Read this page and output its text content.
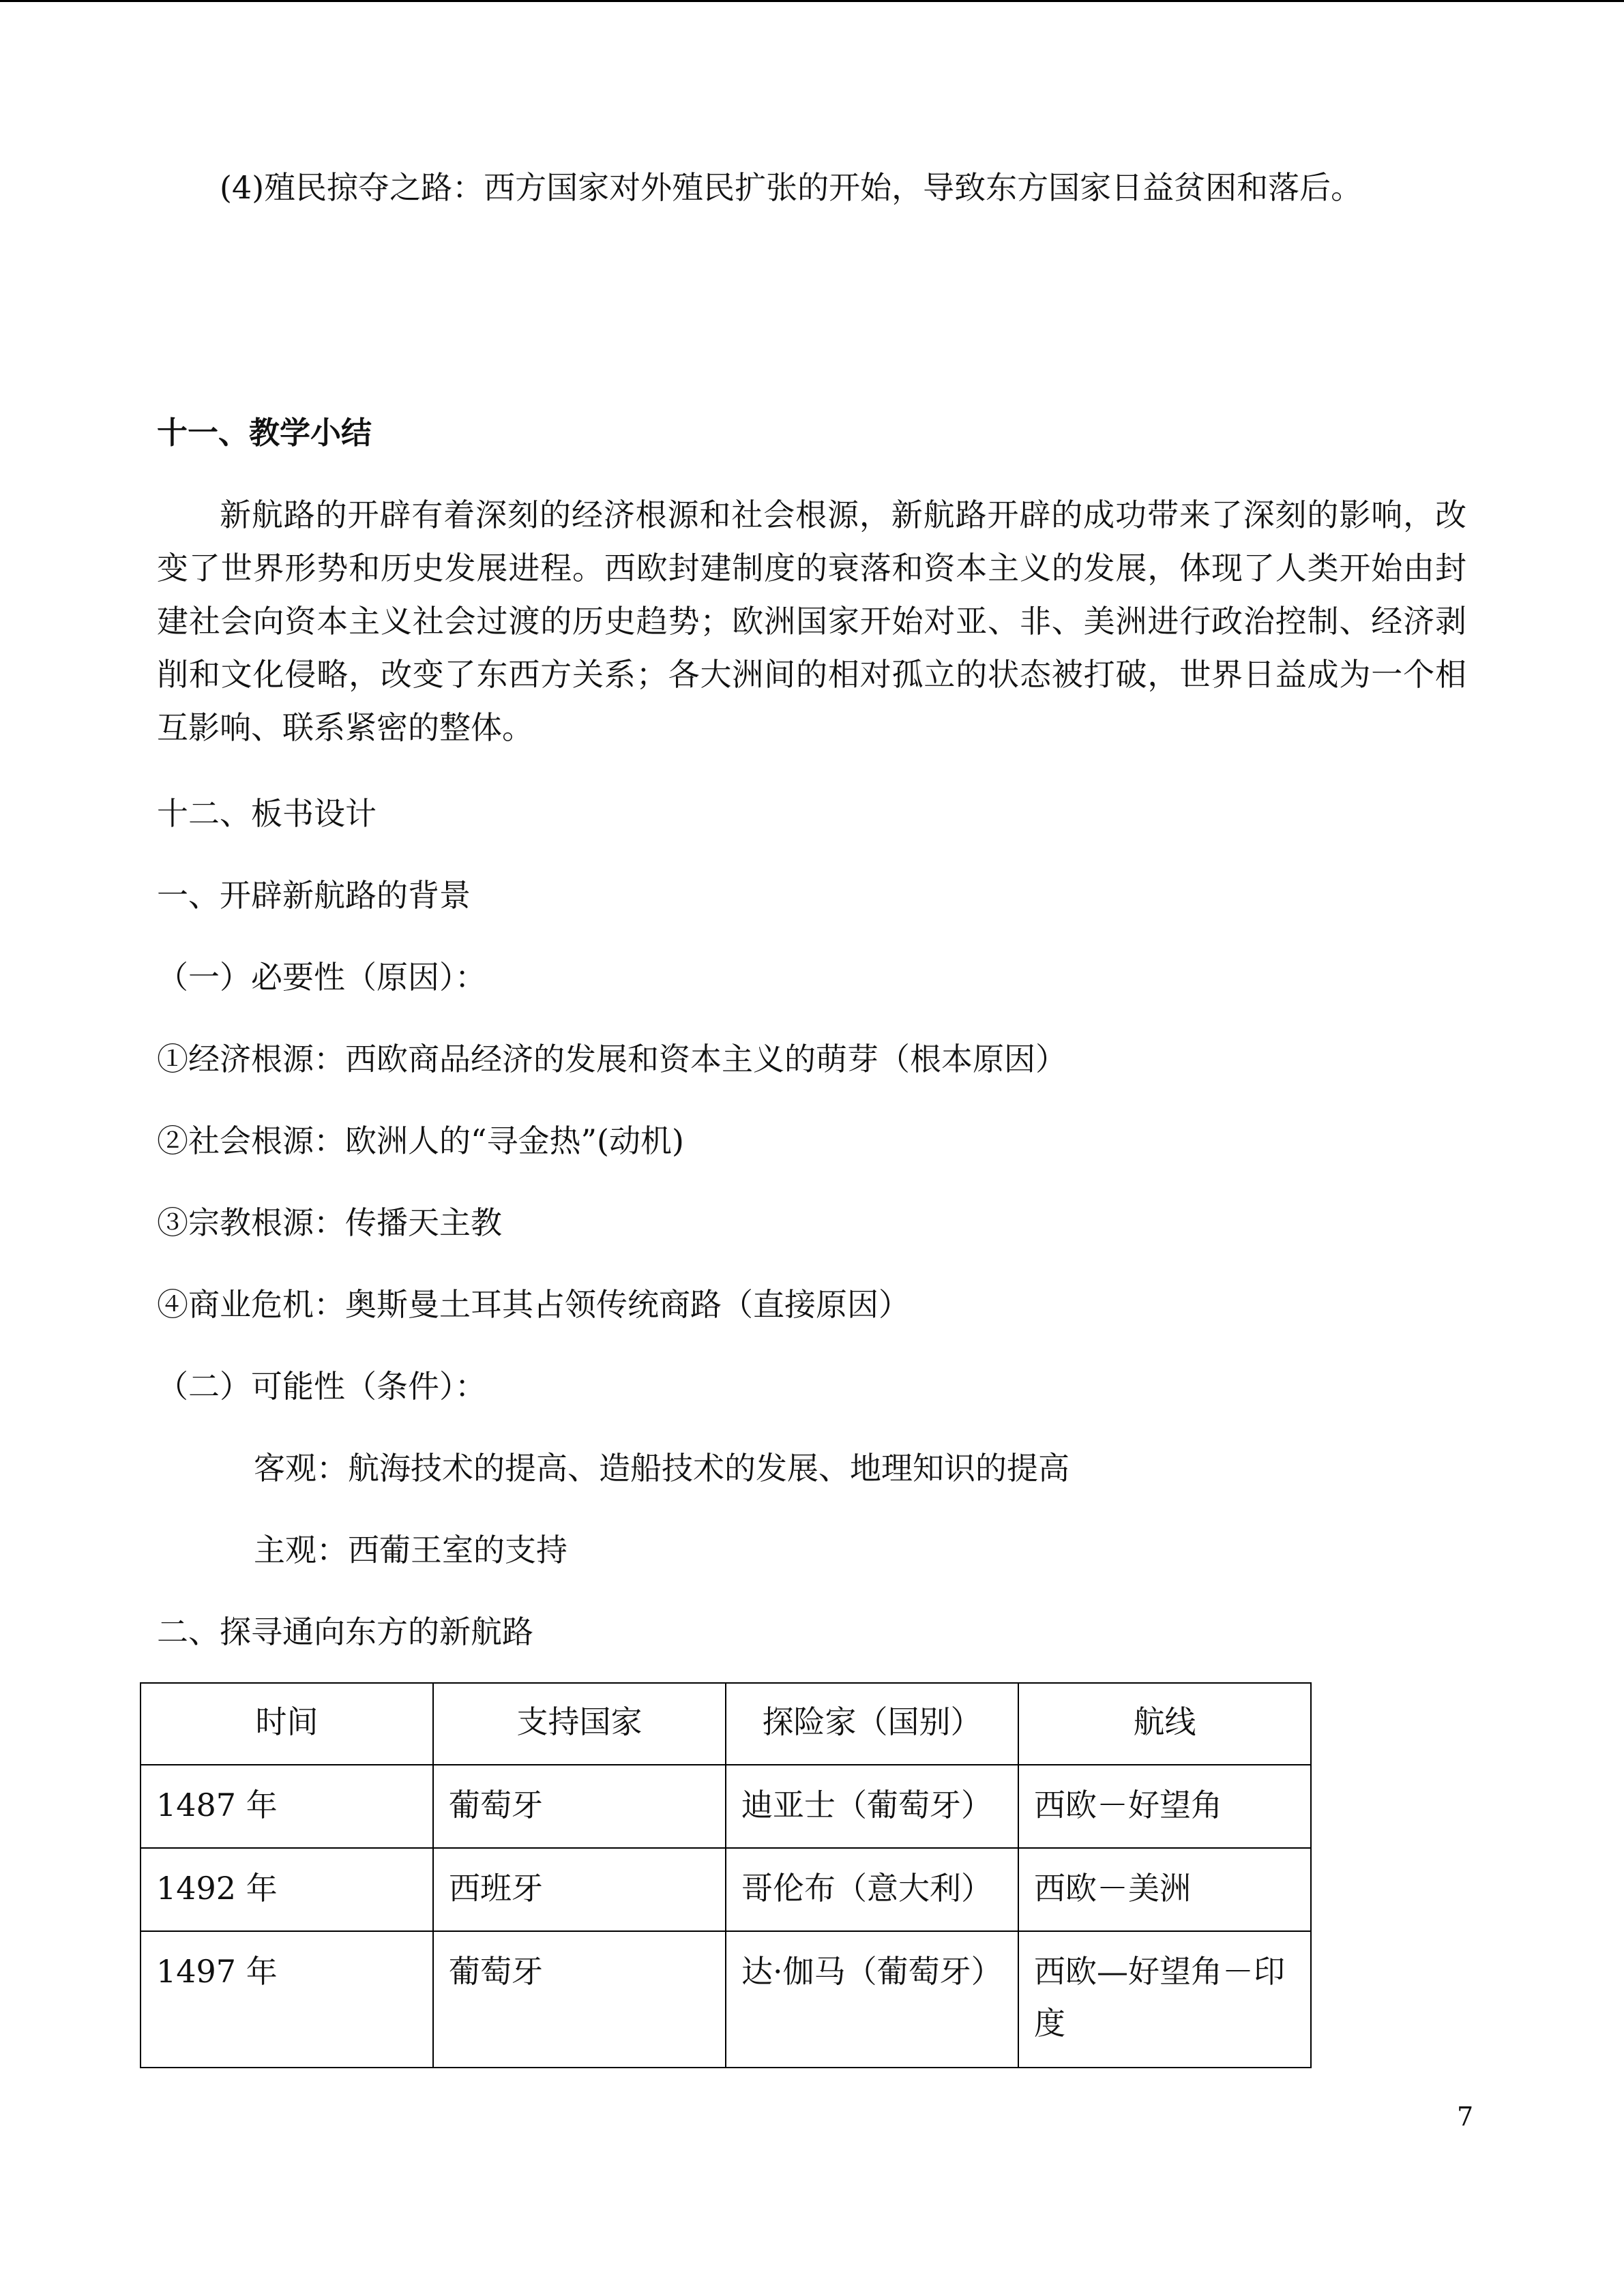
(4)殖民掠夺之路：西方国家对外殖民扩张的开始，导致东方国家日益贫困和落后。
十一、教学小结
新航路的开辟有着深刻的经济根源和社会根源，新航路开辟的成功带来了深刻的影响，改变了世界形势和历史发展进程。西欧封建制度的衰落和资本主义的发展，体现了人类开始由封建社会向资本主义社会过渡的历史趋势；欧洲国家开始对亚、非、美洲进行政治控制、经济剥削和文化侵略，改变了东西方关系；各大洲间的相对孤立的状态被打破，世界日益成为一个相互影响、联系紧密的整体。
十二、板书设计
一、开辟新航路的背景
（一）必要性（原因）：
①经济根源：西欧商品经济的发展和资本主义的萌芽（根本原因）
②社会根源：欧洲人的“寻金热”(动机)
③宗教根源：传播天主教
④商业危机：奥斯曼土耳其占领传统商路（直接原因）
（二）可能性（条件）：
客观：航海技术的提高、造船技术的发展、地理知识的提高
主观：西葡王室的支持
二、探寻通向东方的新航路
时间	支持国家	探险家（国别）	航线
1487 年	葡萄牙	迪亚士（葡萄牙）	西欧－好望角
1492 年	西班牙	哥伦布（意大利）	西欧－美洲
1497 年	葡萄牙	达·伽马（葡萄牙）	西欧—好望角－印度
7
